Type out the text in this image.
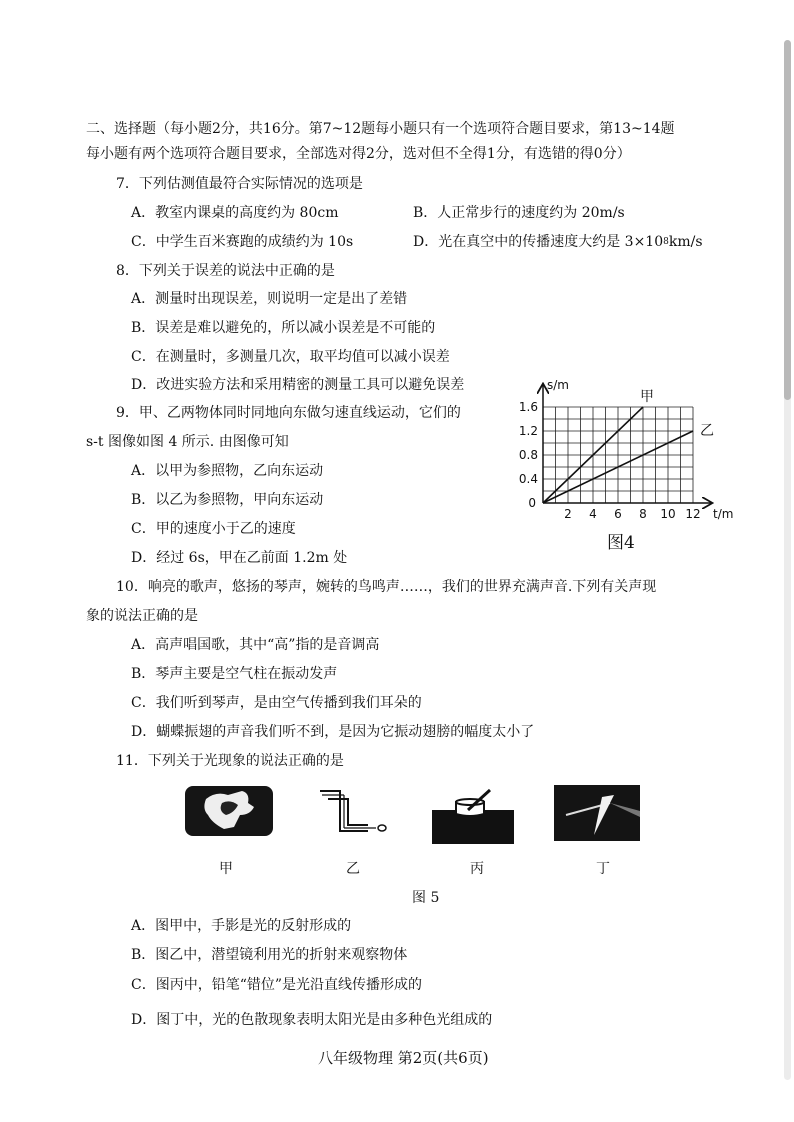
二、选择题（每小题2分，共16分。第7~12题每小题只有一个选项符合题目要求，第13~14题
每小题有两个选项符合题目要求，全部选对得2分，选对但不全得1分，有选错的得0分）
7．下列估测值最符合实际情况的选项是
A．教室内课桌的高度约为 80cm	B．人正常步行的速度约为 20m/s
C．中学生百米赛跑的成绩约为 10s	D．光在真空中的传播速度大约是 $3\times 10^8km/s$
8．下列关于误差的说法中正确的是
A．测量时出现误差，则说明一定是出了差错
B．误差是难以避免的，所以减小误差是不可能的
C．在测量时，多测量几次，取平均值可以减小误差
D．改进实验方法和采用精密的测量工具可以避免误差
9．甲、乙两物体同时同地向东做匀速直线运动，它们的
s-t 图像如图 4 所示. 由图像可知
A．以甲为参照物，乙向东运动
B．以乙为参照物，甲向东运动
C．甲的速度小于乙的速度
D．经过 6s，甲在乙前面 1.2m 处
1.6
1.2
0.8
0.4
2 4 6 8 10 12
0
s/m
t/m
甲
乙
图4
10．响亮的歌声，悠扬的琴声，婉转的鸟鸣声……，我们的世界充满声音.下列有关声现
象的说法正确的是
A．高声唱国歌，其中“高”指的是音调高
B．琴声主要是空气柱在振动发声
C．我们听到琴声，是由空气传播到我们耳朵的
D．蝴蝶振翅的声音我们听不到，是因为它振动翅膀的幅度太小了
11．下列关于光现象的说法正确的是
甲	乙	丙	丁
图 5
A．图甲中，手影是光的反射形成的
B．图乙中，潜望镜利用光的折射来观察物体
C．图丙中，铅笔“错位”是光沿直线传播形成的
D．图丁中，光的色散现象表明太阳光是由多种色光组成的
八年级物理 第2页(共6页)
